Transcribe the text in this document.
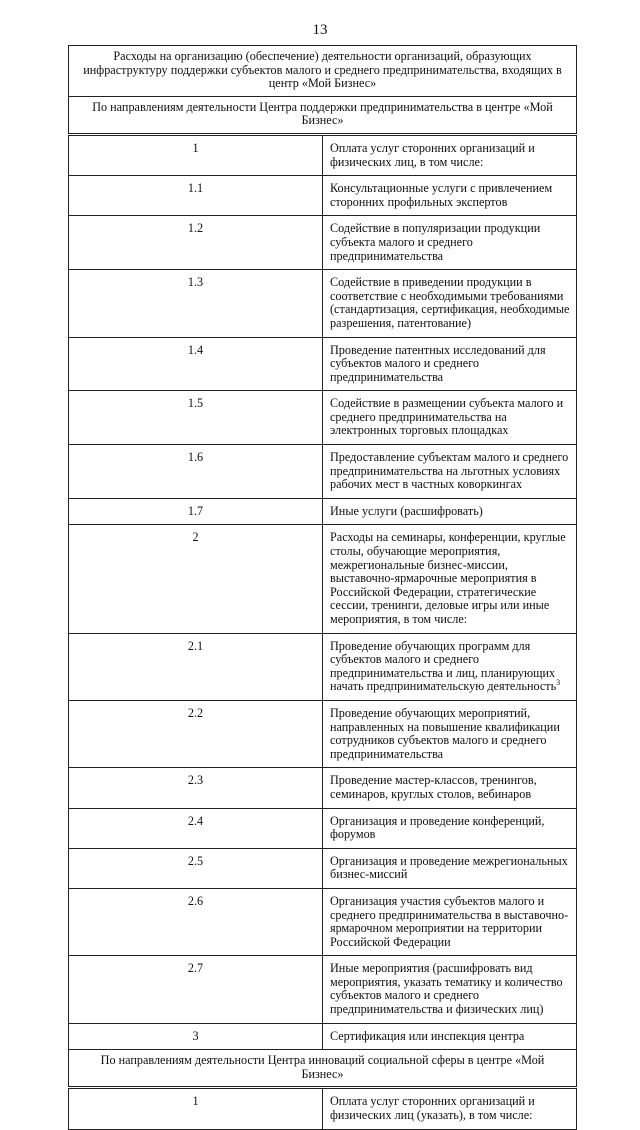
13
Расходы на организацию (обеспечение) деятельности организаций, образующих инфраструктуру поддержки субъектов малого и среднего предпринимательства, входящих в центр «Мой Бизнес»	
По направлениям деятельности Центра поддержки предпринимательства в центре «Мой Бизнес»	
1	Оплата услуг сторонних организаций и физических лиц, в том числе:
1.1	Консультационные услуги с привлечением сторонних профильных экспертов
1.2	Содействие в популяризации продукции субъекта малого и среднего предпринимательства
1.3	Содействие в приведении продукции в соответствие с необходимыми требованиями (стандартизация, сертификация, необходимые разрешения, патентование)
1.4	Проведение патентных исследований для субъектов малого и среднего предпринимательства
1.5	Содействие в размещении субъекта малого и среднего предпринимательства на электронных торговых площадках
1.6	Предоставление субъектам малого и среднего предпринимательства на льготных условиях рабочих мест в частных коворкингах
1.7	Иные услуги (расшифровать)
2	Расходы на семинары, конференции, круглые столы, обучающие мероприятия, межрегиональные бизнес-миссии, выставочно-ярмарочные мероприятия в Российской Федерации, стратегические сессии, тренинги, деловые игры или иные мероприятия, в том числе:
2.1	Проведение обучающих программ для субъектов малого и среднего предпринимательства и лиц, планирующих начать предпринимательскую деятельность$^3$
2.2	Проведение обучающих мероприятий, направленных на повышение квалификации сотрудников субъектов малого и среднего предпринимательства
2.3	Проведение мастер-классов, тренингов, семинаров, круглых столов, вебинаров
2.4	Организация и проведение конференций, форумов
2.5	Организация и проведение межрегиональных бизнес-миссий
2.6	Организация участия субъектов малого и среднего предпринимательства в выставочно-ярмарочном мероприятии на территории Российской Федерации
2.7	Иные мероприятия (расшифровать вид мероприятия, указать тематику и количество субъектов малого и среднего предпринимательства и физических лиц)
3	Сертификация или инспекция центра
По направлениям деятельности Центра инноваций социальной сферы в центре «Мой Бизнес»	
1	Оплата услуг сторонних организаций и физических лиц (указать), в том числе:
